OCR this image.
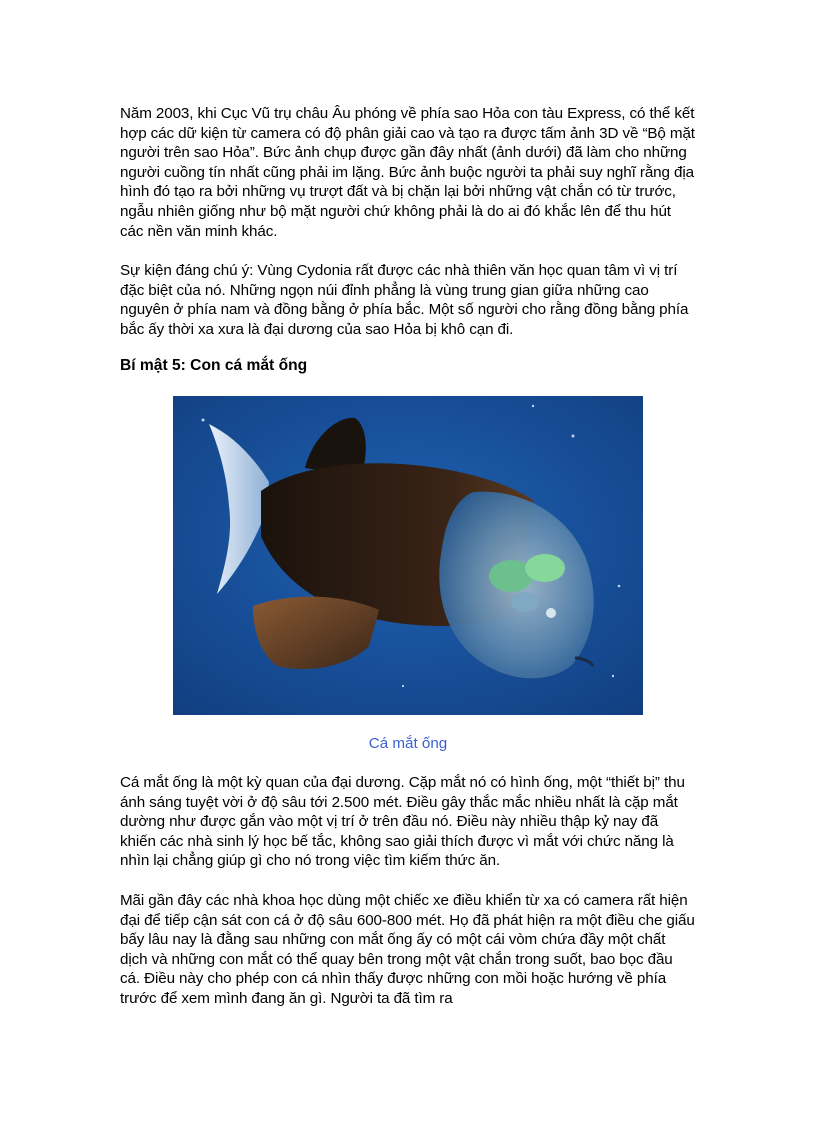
Năm 2003, khi Cục Vũ trụ châu Âu phóng về phía sao Hỏa con tàu Express, có thể kết hợp các dữ kiện từ camera có độ phân giải cao và tạo ra được tấm ảnh 3D về “Bộ mặt người trên sao Hỏa”. Bức ảnh chụp được gần đây nhất (ảnh dưới) đã làm cho những người cuồng tín nhất cũng phải im lặng. Bức ảnh buộc người ta phải suy nghĩ rằng địa hình đó tạo ra bởi những vụ trượt đất và bị chặn lại bởi những vật chắn có từ trước, ngẫu nhiên giống như bộ mặt người chứ không phải là do ai đó khắc lên để thu hút các nền văn minh khác.

Sự kiện đáng chú ý: Vùng Cydonia rất được các nhà thiên văn học quan tâm vì vị trí đặc biệt của nó. Những ngọn núi đỉnh phẳng là vùng trung gian giữa những cao nguyên ở phía nam và đồng bằng ở phía bắc. Một số người cho rằng đồng bằng phía bắc ấy thời xa xưa là đại dương của sao Hỏa bị khô cạn đi.

Bí mật 5: Con cá mắt ống

Cá mắt ống

Cá mắt ống là một kỳ quan của đại dương. Cặp mắt nó có hình ống, một “thiết bị” thu ánh sáng tuyệt vời ở độ sâu tới 2.500 mét. Điều gây thắc mắc nhiều nhất là cặp mắt dường như được gắn vào một vị trí ở trên đầu nó. Điều này nhiều thập kỷ nay đã khiến các nhà sinh lý học bế tắc, không sao giải thích được vì mắt với chức năng là nhìn lại chẳng giúp gì cho nó trong việc tìm kiếm thức ăn.

Mãi gần đây các nhà khoa học dùng một chiếc xe điều khiển từ xa có camera rất hiện đại để tiếp cận sát con cá ở độ sâu 600-800 mét. Họ đã phát hiện ra một điều che giấu bấy lâu nay là đằng sau những con mắt ống ấy có một cái vòm chứa đầy một chất dịch và những con mắt có thể quay bên trong một vật chắn trong suốt, bao bọc đầu cá. Điều này cho phép con cá nhìn thấy được những con mồi hoặc hướng về phía trước để xem mình đang ăn gì. Người ta đã tìm ra
